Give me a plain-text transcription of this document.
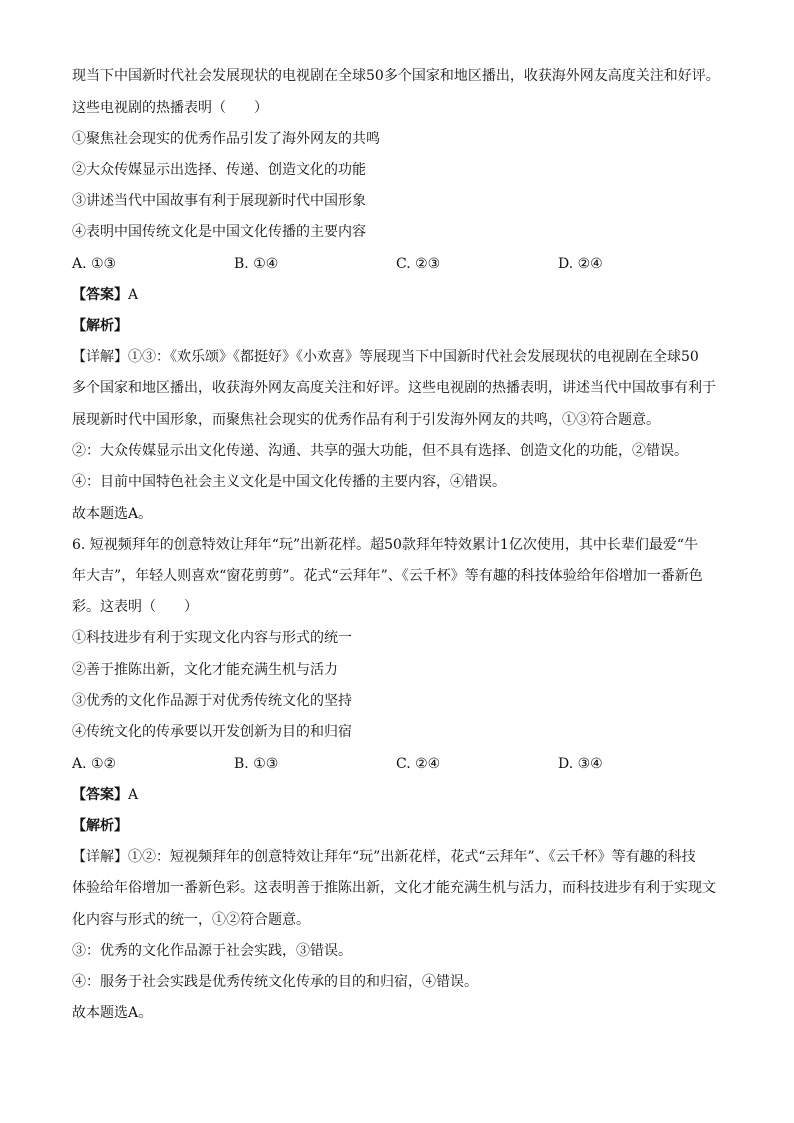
现当下中国新时代社会发展现状的电视剧在全球50多个国家和地区播出，收获海外网友高度关注和好评。

这些电视剧的热播表明（　　）

①聚焦社会现实的优秀作品引发了海外网友的共鸣

②大众传媒显示出选择、传递、创造文化的功能

③讲述当代中国故事有利于展现新时代中国形象

④表明中国传统文化是中国文化传播的主要内容

A. ①③	B. ①④	C. ②③	D. ②④

【答案】A

【解析】

【详解】①③：《欢乐颂》《都挺好》《小欢喜》等展现当下中国新时代社会发展现状的电视剧在全球50

多个国家和地区播出，收获海外网友高度关注和好评。这些电视剧的热播表明，讲述当代中国故事有利于

展现新时代中国形象，而聚焦社会现实的优秀作品有利于引发海外网友的共鸣，①③符合题意。

②：大众传媒显示出文化传递、沟通、共享的强大功能，但不具有选择、创造文化的功能，②错误。

④：目前中国特色社会主义文化是中国文化传播的主要内容，④错误。

故本题选A。

6. 短视频拜年的创意特效让拜年“玩”出新花样。超50款拜年特效累计1亿次使用，其中长辈们最爱“牛

年大吉”，年轻人则喜欢“窗花剪剪”。花式“云拜年”、《云千杯》等有趣的科技体验给年俗增加一番新色

彩。这表明（　　）

①科技进步有利于实现文化内容与形式的统一

②善于推陈出新，文化才能充满生机与活力

③优秀的文化作品源于对优秀传统文化的坚持

④传统文化的传承要以开发创新为目的和归宿

A. ①②	B. ①③	C. ②④	D. ③④

【答案】A

【解析】

【详解】①②：短视频拜年的创意特效让拜年“玩”出新花样，花式“云拜年”、《云千杯》等有趣的科技

体验给年俗增加一番新色彩。这表明善于推陈出新，文化才能充满生机与活力，而科技进步有利于实现文

化内容与形式的统一，①②符合题意。

③：优秀的文化作品源于社会实践，③错误。

④：服务于社会实践是优秀传统文化传承的目的和归宿，④错误。

故本题选A。
